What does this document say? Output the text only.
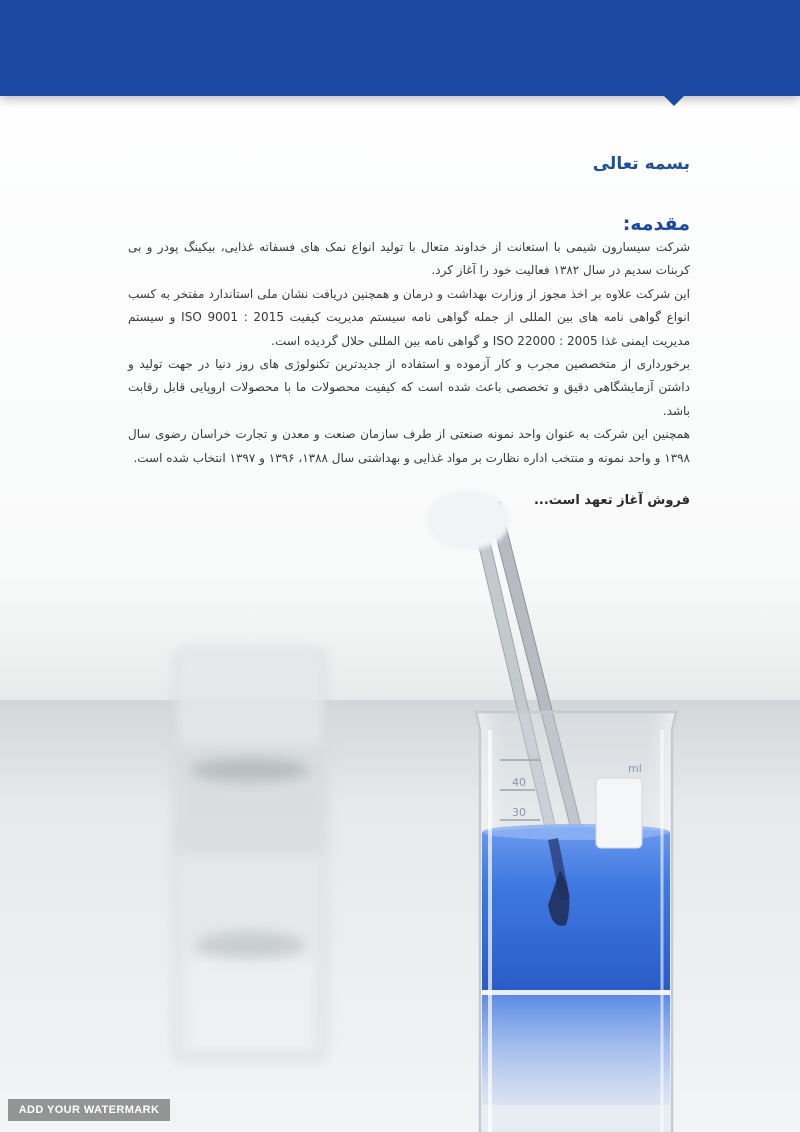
ml
40
30
بسمه تعالی
مقدمه:

شرکت سیسارون شیمی با استعانت از خداوند متعال با تولید انواع نمک های فسفاته غذایی، بیکینگ پودر و بی کربنات سدیم در سال ۱۳۸۲ فعالیت خود را آغاز کرد.

این شرکت علاوه بر اخذ مجوز از وزارت بهداشت و درمان و همچنین دریافت نشان ملی استاندارد مفتخر به کسب انواع گواهی نامه های بین المللی از جمله گواهی نامه سیستم مدیریت کیفیت ISO 9001 : 2015 و سیستم مدیریت ایمنی غذا ISO 22000 : 2005 و گواهی نامه بین المللی حلال گردیده است.

برخورداری از متخصصین مجرب و کار آزموده و استفاده از جدیدترین تکنولوژی های روز دنیا در جهت تولید و داشتن آزمایشگاهی دقیق و تخصصی باعث شده است که کیفیت محصولات ما با محصولات اروپایی قابل رقابت باشد.

همچنین این شرکت به عنوان واحد نمونه صنعتی از طرف سازمان صنعت و معدن و تجارت خراسان رضوی سال ۱۳۹۸ و واحد نمونه و منتخب اداره نظارت بر مواد غذایی و بهداشتی سال ۱۳۸۸، ۱۳۹۶ و ۱۳۹۷ انتخاب شده است.

فروش آغاز تعهد است...
ADD YOUR WATERMARK
